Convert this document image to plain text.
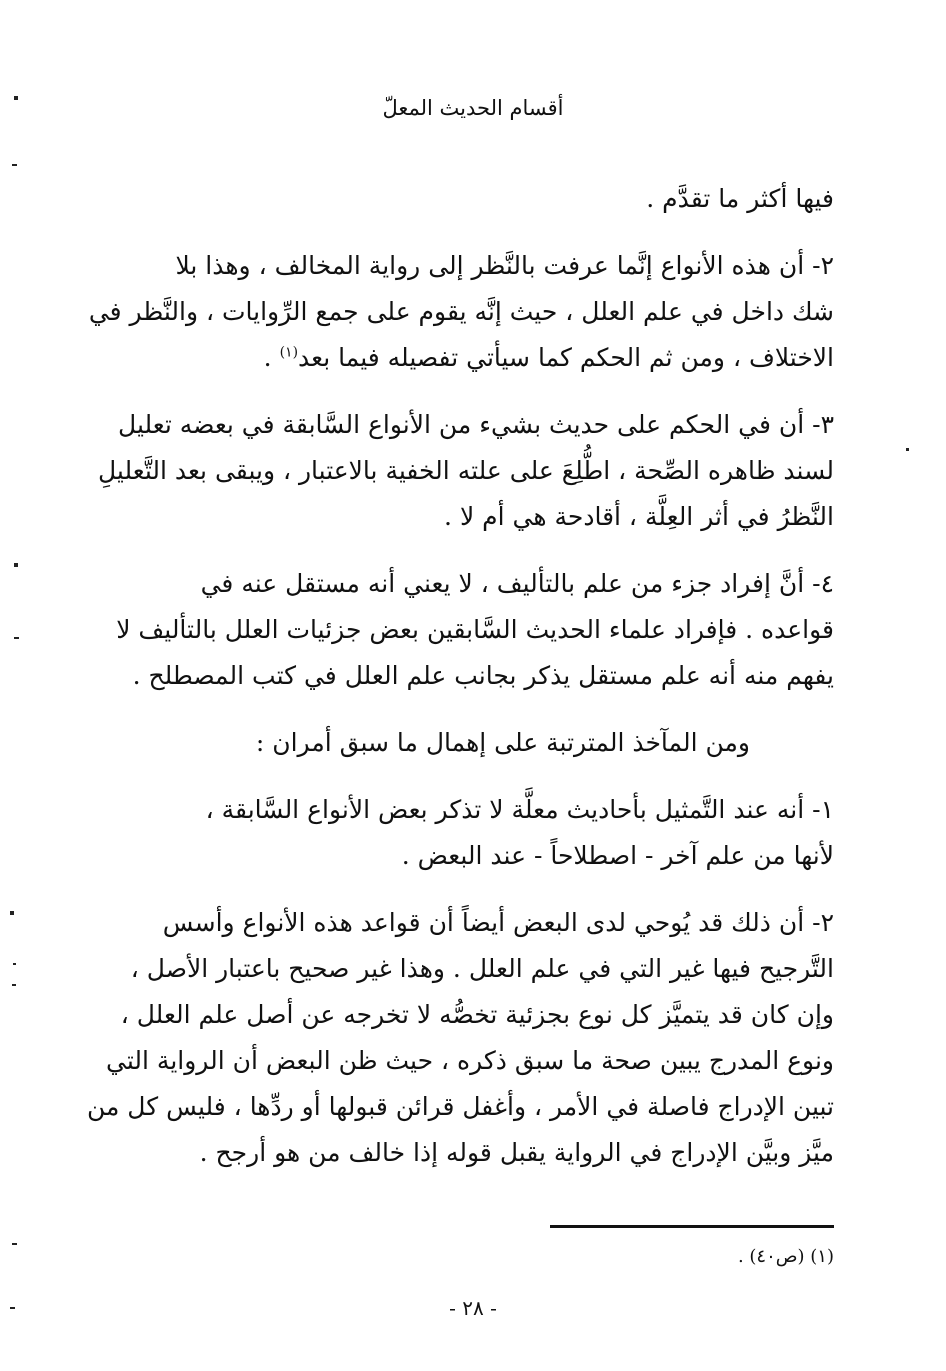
أقسام الحديث المعلّ

فيها أكثر ما تقدَّم .

٢- أن هذه الأنواع إنَّما عرفت بالنَّظر إلى رواية المخالف ، وهذا بلا
شك داخل في علم العلل ، حيث إنَّه يقوم على جمع الرِّوايات ، والنَّظر في
الاختلاف ، ومن ثم الحكم كما سيأتي تفصيله فيما بعد$^{(١)}$ .

٣- أن في الحكم على حديث بشيء من الأنواع السَّابقة في بعضه تعليل
لسند ظاهره الصِّحة ، اطُّلِعَ على علته الخفية بالاعتبار ، ويبقى بعد التَّعليلِ
النَّظرُ في أثر العِلَّة ، أقادحة هي أم لا .

٤- أنَّ إفراد جزء من علم بالتأليف ، لا يعني أنه مستقل عنه في
قواعده . فإفراد علماء الحديث السَّابقين بعض جزئيات العلل بالتأليف لا
يفهم منه أنه علم مستقل يذكر بجانب علم العلل في كتب المصطلح .

ومن المآخذ المترتبة على إهمال ما سبق أمران :

١- أنه عند التَّمثيل بأحاديث معلَّة لا تذكر بعض الأنواع السَّابقة ،
لأنها من علم آخر - اصطلاحاً - عند البعض .

٢- أن ذلك قد يُوحي لدى البعض أيضاً أن قواعد هذه الأنواع وأسس
التَّرجيح فيها غير التي في علم العلل . وهذا غير صحيح باعتبار الأصل ،
وإن كان قد يتميَّز كل نوع بجزئية تخصُّه لا تخرجه عن أصل علم العلل ،
ونوع المدرج يبين صحة ما سبق ذكره ، حيث ظن البعض أن الرواية التي
تبين الإدراج فاصلة في الأمر ، وأغفل قرائن قبولها أو ردِّها ، فليس كل من
ميَّز وبيَّن الإدراج في الرواية يقبل قوله إذا خالف من هو أرجح .

(١) (ص٤٠) .
- ٢٨ -
